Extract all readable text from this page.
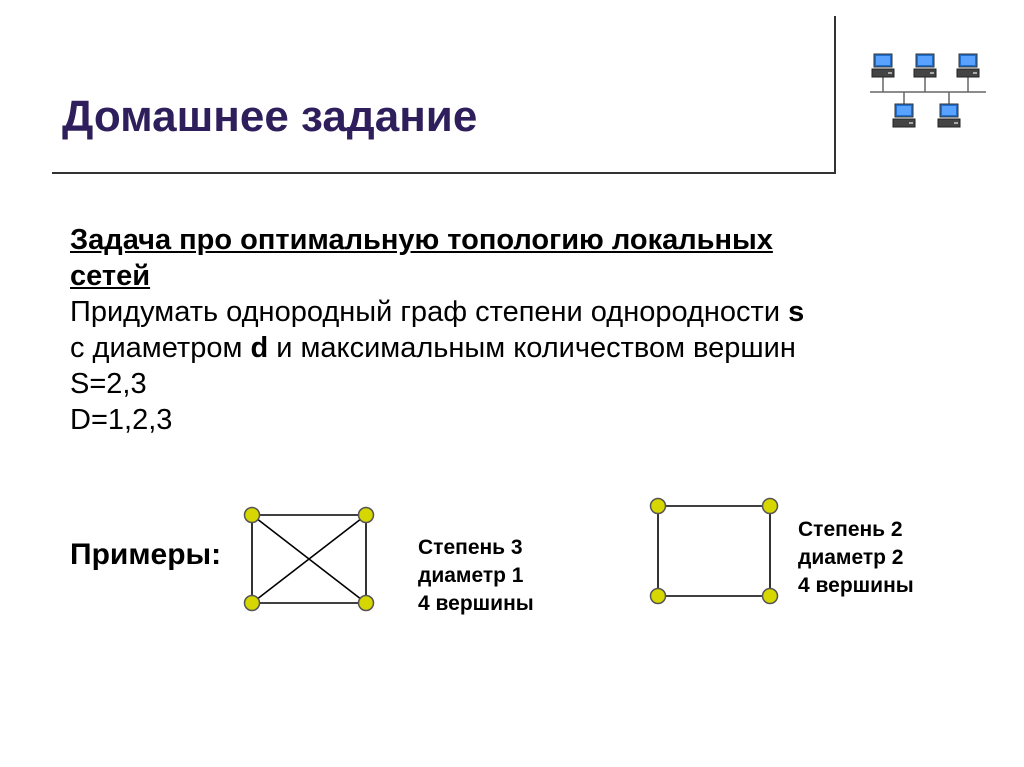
Домашнее задание
Задача про оптимальную топологию локальных
сетей
Придумать однородный граф степени однородности s
с диаметром d и максимальным количеством вершин
S=2,3
D=1,2,3
Примеры:	Степень 3
диаметр 1
4 вершины
Степень 2
диаметр 2
4 вершины
